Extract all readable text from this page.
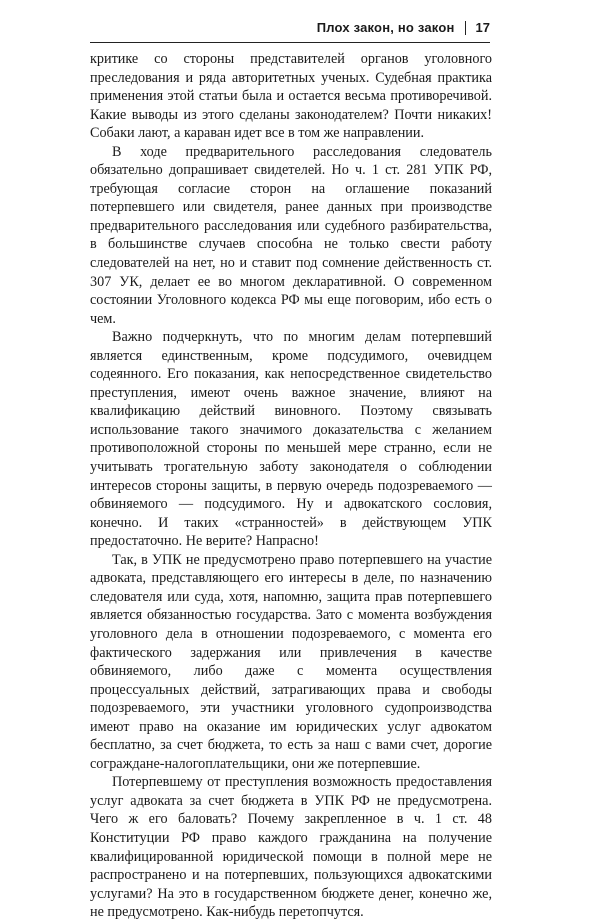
Плох закон, но закон 17

критике со стороны представителей органов уголовного преследования и ряда авторитетных ученых. Судебная практика применения этой статьи была и остается весьма противоречивой. Какие выводы из этого сделаны законодателем? Почти никаких! Собаки лают, а караван идет все в том же направлении.

В ходе предварительного расследования следователь обязательно допрашивает свидетелей. Но ч. 1 ст. 281 УПК РФ, требующая согласие сторон на оглашение показаний потерпевшего или свидетеля, ранее данных при производстве предварительного расследования или судебного разбирательства, в большинстве случаев способна не только свести работу следователей на нет, но и ставит под сомнение действенность ст. 307 УК, делает ее во многом декларативной. О современном состоянии Уголовного кодекса РФ мы еще поговорим, ибо есть о чем.

Важно подчеркнуть, что по многим делам потерпевший является единственным, кроме подсудимого, очевидцем содеянного. Его показания, как непосредственное свидетельство преступления, имеют очень важное значение, влияют на квалификацию действий виновного. Поэтому связывать использование такого значимого доказательства с желанием противоположной стороны по меньшей мере странно, если не учитывать трогательную заботу законодателя о соблюдении интересов стороны защиты, в первую очередь подозреваемого — обвиняемого — подсудимого. Ну и адвокатского сословия, конечно. И таких «странностей» в действующем УПК предостаточно. Не верите? Напрасно!

Так, в УПК не предусмотрено право потерпевшего на участие адвоката, представляющего его интересы в деле, по назначению следователя или суда, хотя, напомню, защита прав потерпевшего является обязанностью государства. Зато с момента возбуждения уголовного дела в отношении подозреваемого, с момента его фактического задержания или привлечения в качестве обвиняемого, либо даже с момента осуществления процессуальных действий, затрагивающих права и свободы подозреваемого, эти участники уголовного судопроизводства имеют право на оказание им юридических услуг адвокатом бесплатно, за счет бюджета, то есть за наш с вами счет, дорогие сограждане-налогоплательщики, они же потерпевшие.

Потерпевшему от преступления возможность предоставления услуг адвоката за счет бюджета в УПК РФ не предусмотрена. Чего ж его баловать? Почему закрепленное в ч. 1 ст. 48 Конституции РФ право каждого гражданина на получение квалифицированной юридической помощи в полной мере не распространено и на потерпевших, пользующихся адвокатскими услугами? На это в государственном бюджете денег, конечно же, не предусмотрено. Как-нибудь перетопчутся.
